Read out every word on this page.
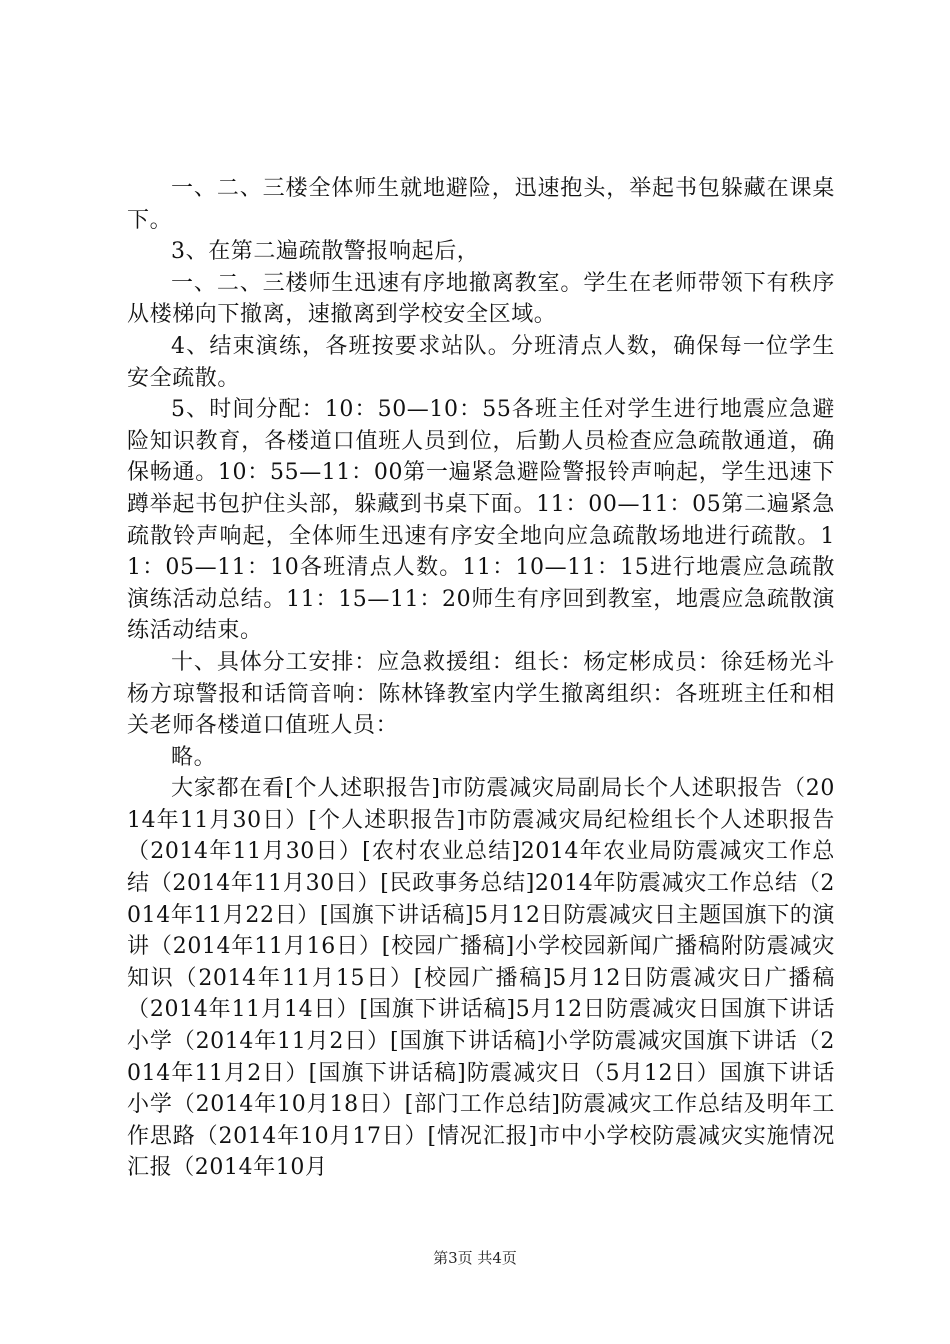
一、二、三楼全体师生就地避险，迅速抱头，举起书包躲藏在课桌下。

3、在第二遍疏散警报响起后，

一、二、三楼师生迅速有序地撤离教室。学生在老师带领下有秩序从楼梯向下撤离，速撤离到学校安全区域。

4、结束演练，各班按要求站队。分班清点人数，确保每一位学生安全疏散。

5、时间分配：10：50—10：55各班主任对学生进行地震应急避险知识教育，各楼道口值班人员到位，后勤人员检查应急疏散通道，确保畅通。10：55—11：00第一遍紧急避险警报铃声响起，学生迅速下蹲举起书包护住头部，躲藏到书桌下面。11：00—11：05第二遍紧急疏散铃声响起，全体师生迅速有序安全地向应急疏散场地进行疏散。11：05—11：10各班清点人数。11：10—11：15进行地震应急疏散演练活动总结。11：15—11：20师生有序回到教室，地震应急疏散演练活动结束。

十、具体分工安排：应急救援组：组长：杨定彬成员：徐廷杨光斗杨方琼警报和话筒音响：陈林锋教室内学生撤离组织：各班班主任和相关老师各楼道口值班人员：

略。

大家都在看[个人述职报告]市防震减灾局副局长个人述职报告（2014年11月30日）[个人述职报告]市防震减灾局纪检组长个人述职报告（2014年11月30日）[农村农业总结]2014年农业局防震减灾工作总结（2014年11月30日）[民政事务总结]2014年防震减灾工作总结（2014年11月22日）[国旗下讲话稿]5月12日防震减灾日主题国旗下的演讲（2014年11月16日）[校园广播稿]小学校园新闻广播稿附防震减灾知识（2014年11月15日）[校园广播稿]5月12日防震减灾日广播稿（2014年11月14日）[国旗下讲话稿]5月12日防震减灾日国旗下讲话小学（2014年11月2日）[国旗下讲话稿]小学防震减灾国旗下讲话（2014年11月2日）[国旗下讲话稿]防震减灾日（5月12日）国旗下讲话小学（2014年10月18日）[部门工作总结]防震减灾工作总结及明年工作思路（2014年10月17日）[情况汇报]市中小学校防震减灾实施情况汇报（2014年10月

第3页 共4页
